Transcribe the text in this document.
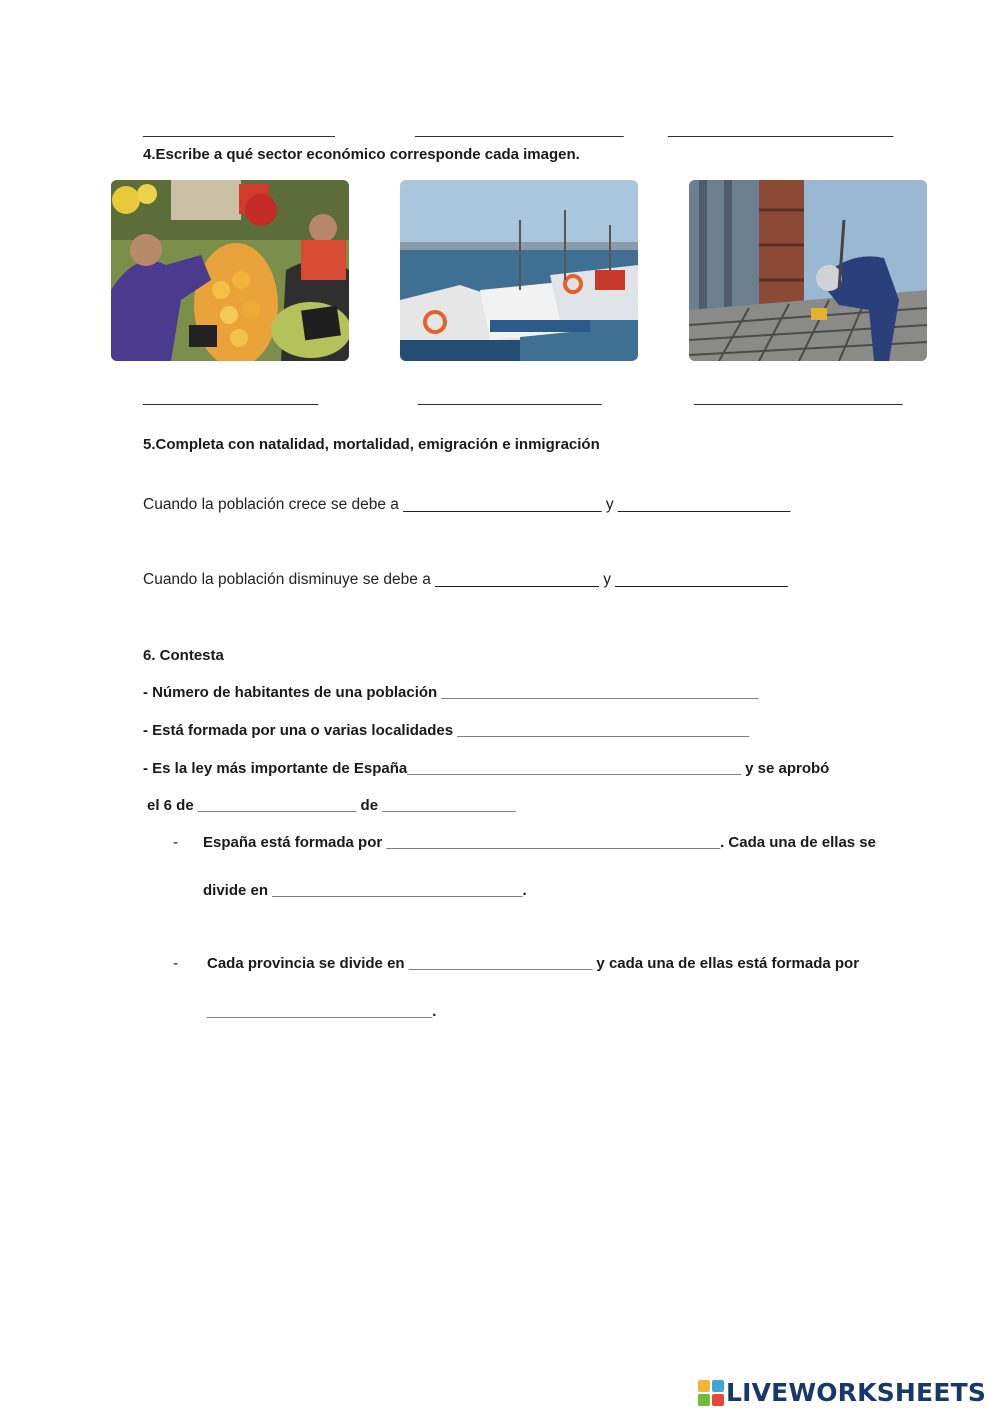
_______________________	_________________________	___________________________
4.Escribe a qué sector económico corresponde cada imagen.
_____________________	______________________	_________________________
5.Completa con natalidad, mortalidad, emigración e inmigración
Cuando la población crece se debe a _______________________ y ____________________
Cuando la población disminuye se debe a ___________________ y ____________________
6. Contesta
- Número de habitantes de una población ______________________________________
- Está formada por una o varias localidades ___________________________________
- Es la ley más importante de España________________________________________ y se aprobó
el 6 de ___________________ de ________________
- España está formada por ________________________________________. Cada una de ellas se
divide en ______________________________.
- Cada provincia se divide en ______________________ y cada una de ellas está formada por
___________________________.
LIVEWORKSHEETS
